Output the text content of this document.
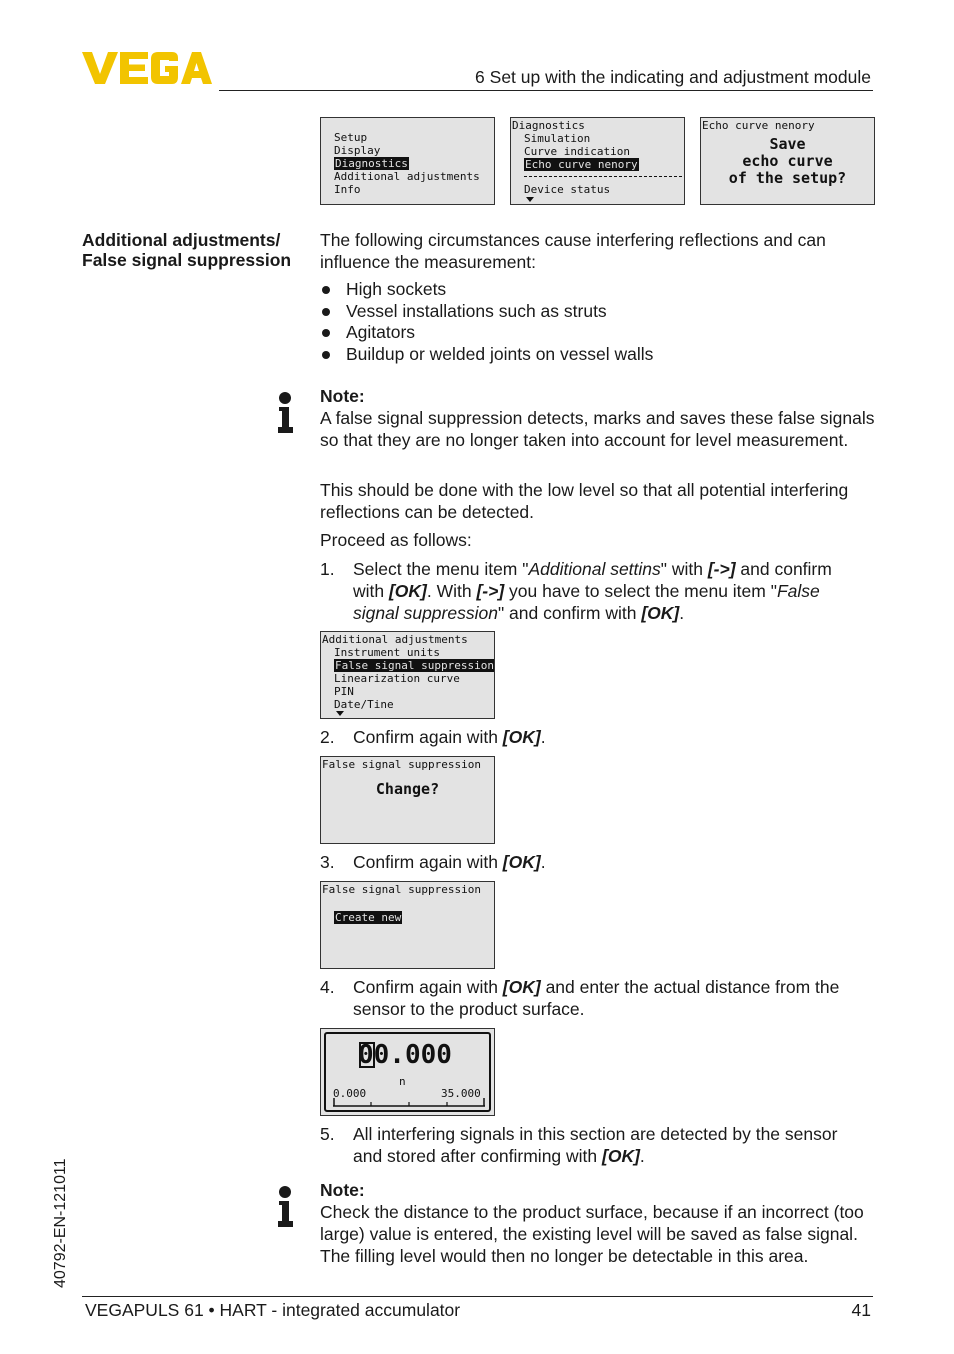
6 Set up with the indicating and adjustment module
Setup
Display
Diagnostics
Additional adjustments
Info
Diagnostics
Simulation
Curve indication
Echo curve nenory
Device status
Echo curve nenory
Save
echo curve
of the setup?
Additional adjustments/
False signal suppression
The following circumstances cause interfering reflections and can influence the measurement:
High sockets
Vessel installations such as struts
Agitators
Buildup or welded joints on vessel walls
Note:
A false signal suppression detects, marks and saves these false signals so that they are no longer taken into account for level measurement.
This should be done with the low level so that all potential interfering reflections can be detected.
Proceed as follows:
1. Select the menu item "Additional settins" with [->] and confirm with [OK]. With [->] you have to select the menu item "False signal suppression" and confirm with [OK].
Additional adjustments
Instrument units
False signal suppression
Linearization curve
PIN
Date/Tine
2. Confirm again with [OK].
False signal suppression
Change?
3. Confirm again with [OK].
False signal suppression
Create new
4. Confirm again with [OK] and enter the actual distance from the sensor to the product surface.
00.000
n
0.000	35.000
5. All interfering signals in this section are detected by the sensor and stored after confirming with [OK].
Note:
Check the distance to the product surface, because if an incorrect (too large) value is entered, the existing level will be saved as false signal. The filling level would then no longer be detectable in this area.
40792-EN-121011
VEGAPULS 61 • HART - integrated accumulator	41
